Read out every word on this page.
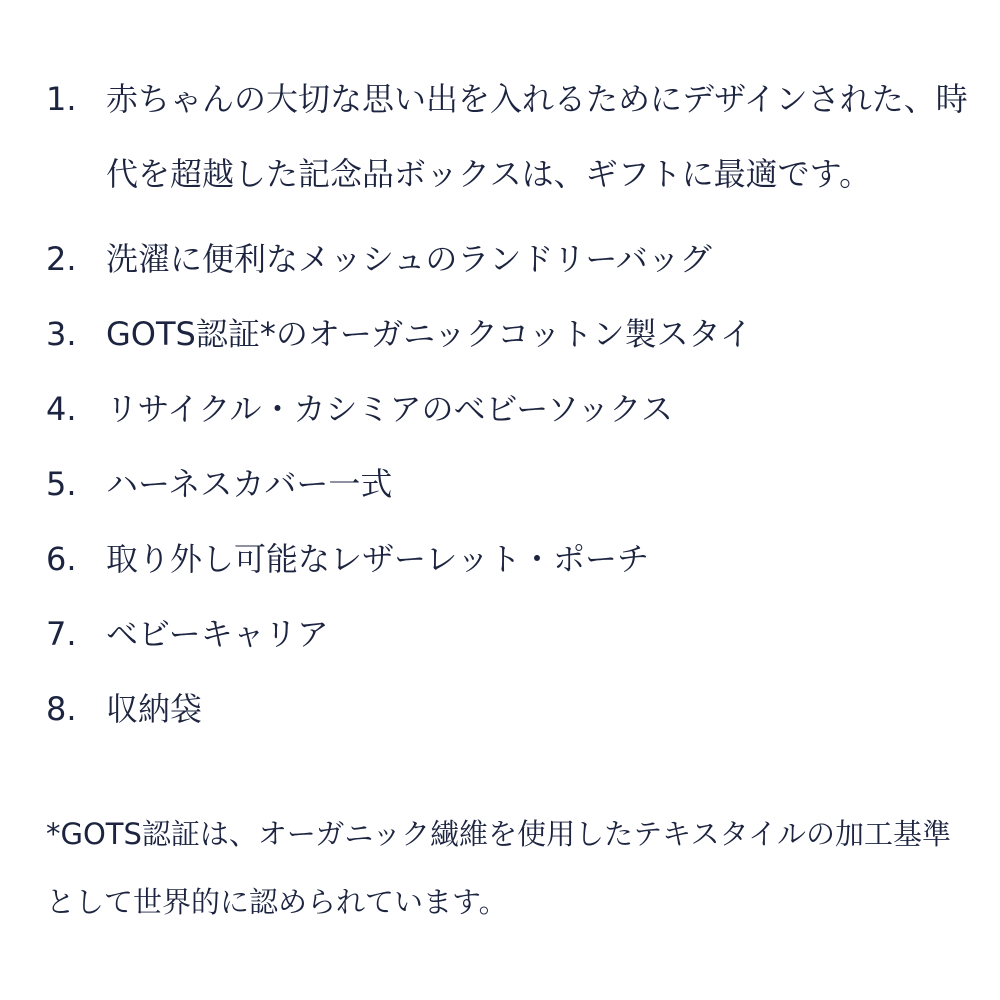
1. 赤ちゃんの大切な思い出を入れるためにデザインされた、時代を超越した記念品ボックスは、ギフトに最適です。
2. 洗濯に便利なメッシュのランドリーバッグ
3. GOTS認証*のオーガニックコットン製スタイ
4. リサイクル・カシミアのベビーソックス
5. ハーネスカバー一式
6. 取り外し可能なレザーレット・ポーチ
7. ベビーキャリア
8. 収納袋

*GOTS認証は、オーガニック繊維を使用したテキスタイルの加工基準として世界的に認められています。
